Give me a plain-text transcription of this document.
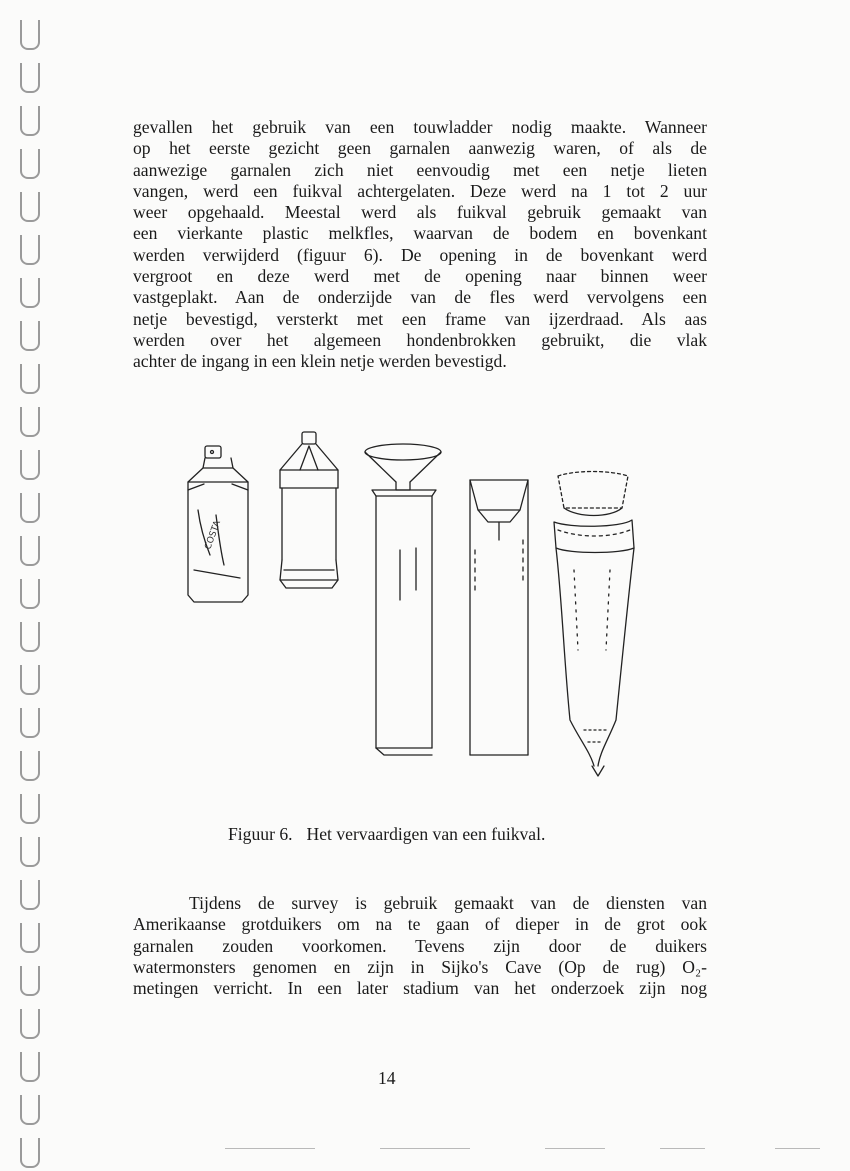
gevallen het gebruik van een touwladder nodig maakte. Wanneer

op het eerste gezicht geen garnalen aanwezig waren, of als de

aanwezige garnalen zich niet eenvoudig met een netje lieten

vangen, werd een fuikval achtergelaten. Deze werd na 1 tot 2 uur

weer opgehaald. Meestal werd als fuikval gebruik gemaakt van

een vierkante plastic melkfles, waarvan de bodem en bovenkant

werden verwijderd (figuur 6). De opening in de bovenkant werd

vergroot en deze werd met de opening naar binnen weer

vastgeplakt. Aan de onderzijde van de fles werd vervolgens een

netje bevestigd, versterkt met een frame van ijzerdraad. Als aas

werden over het algemeen hondenbrokken gebruikt, die vlak

achter de ingang in een klein netje werden bevestigd.

COSTA
Figuur 6. Het vervaardigen van een fuikval.

Tijdens de survey is gebruik gemaakt van de diensten van

Amerikaanse grotduikers om na te gaan of dieper in de grot ook

garnalen zouden voorkomen. Tevens zijn door de duikers

watermonsters genomen en zijn in Sijko's Cave (Op de rug) O₂-

metingen verricht. In een later stadium van het onderzoek zijn nog

14
